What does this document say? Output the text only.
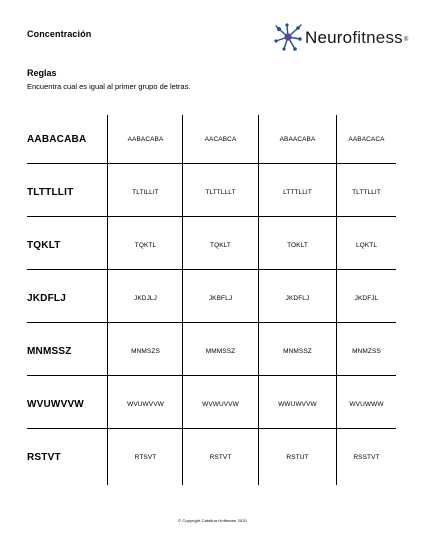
Concentración	Neurofitness®
Reglas
Encuentra cual es igual al primer grupo de letras.
AABACABA	AABACABA	AACABCA	ABAACABA	AABACACA
TLTTLLIT	TLTILLIT	TLTTLLLT	LTTTLLIT	TLTTLLIT
TQKLT	TQKTL	TQKLT	TOKLT	LQKTL
JKDFLJ	JKDJLJ	JKBFLJ	JKDFLJ	JKDFJL
MNMSSZ	MNMSZS	MMMSSZ	MNMSSZ	MNMZSS
WVUWVVW	WVUWVVW	WVWUVVW	WWUWVVW	WVUWWW
RSTVT	RTSVT	RSTVT	RSTUT	RSSTVT
© Copyright Catalina Hoffmann 2020
